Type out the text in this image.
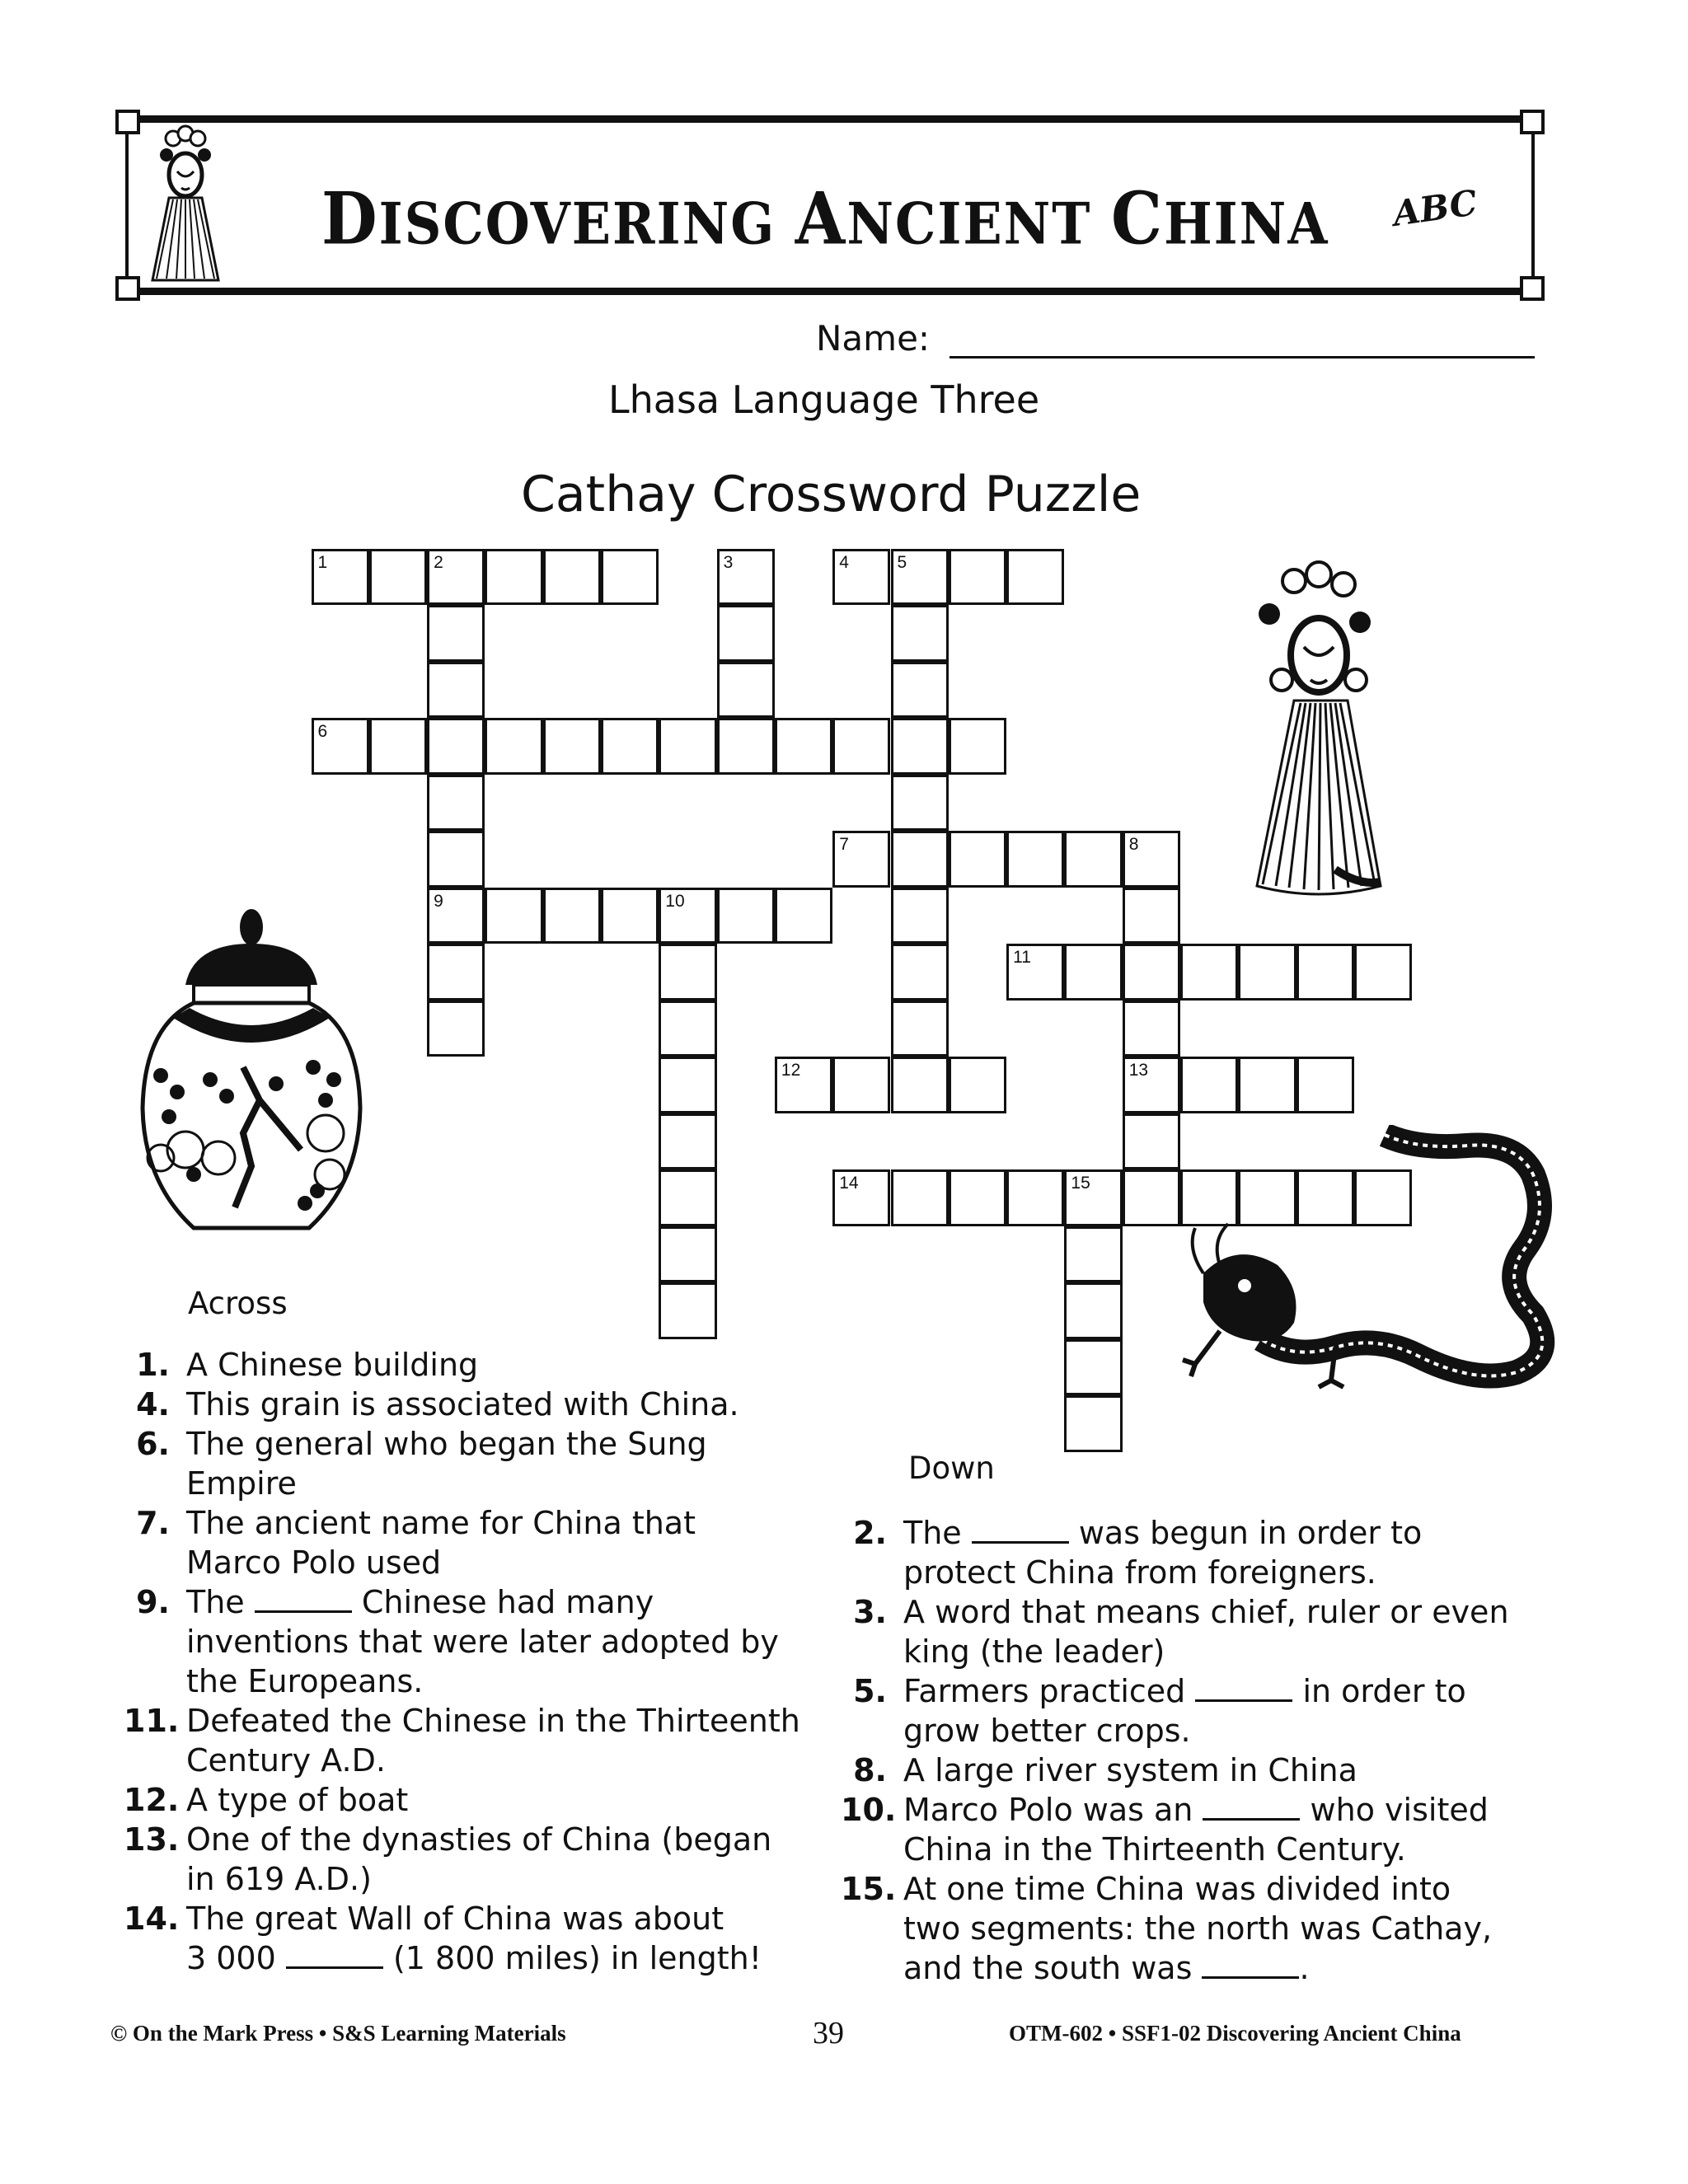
DISCOVERING ANCIENT CHINA ABC
Name:
Lhasa Language Three
Cathay Crossword Puzzle
1	2
9
3	4	5
6
7	8
13
10
11
12
14	15
Across
Down
1. A Chinese building
4. This grain is associated with China.
6. The general who began the Sung
Empire
7. The ancient name for China that
Marco Polo used
9. The	Chinese had many
inventions that were later adopted by
the Europeans.
11. Defeated the Chinese in the Thirteenth
Century A.D.
12. A type of boat
13. One of the dynasties of China (began
in 619 A.D.)
14. The great Wall of China was about
3 000	(1 800 miles) in length!
2. The	was begun in order to
protect China from foreigners.
3. A word that means chief, ruler or even
king (the leader)
5. Farmers practiced	in order to
grow better crops.
8. A large river system in China
10. Marco Polo was an	who visited
China in the Thirteenth Century.
15. At one time China was divided into
two segments: the north was Cathay,
and the south was	.
© On the Mark Press • S&S Learning Materials	39	OTM-602 • SSF1-02 Discovering Ancient China
